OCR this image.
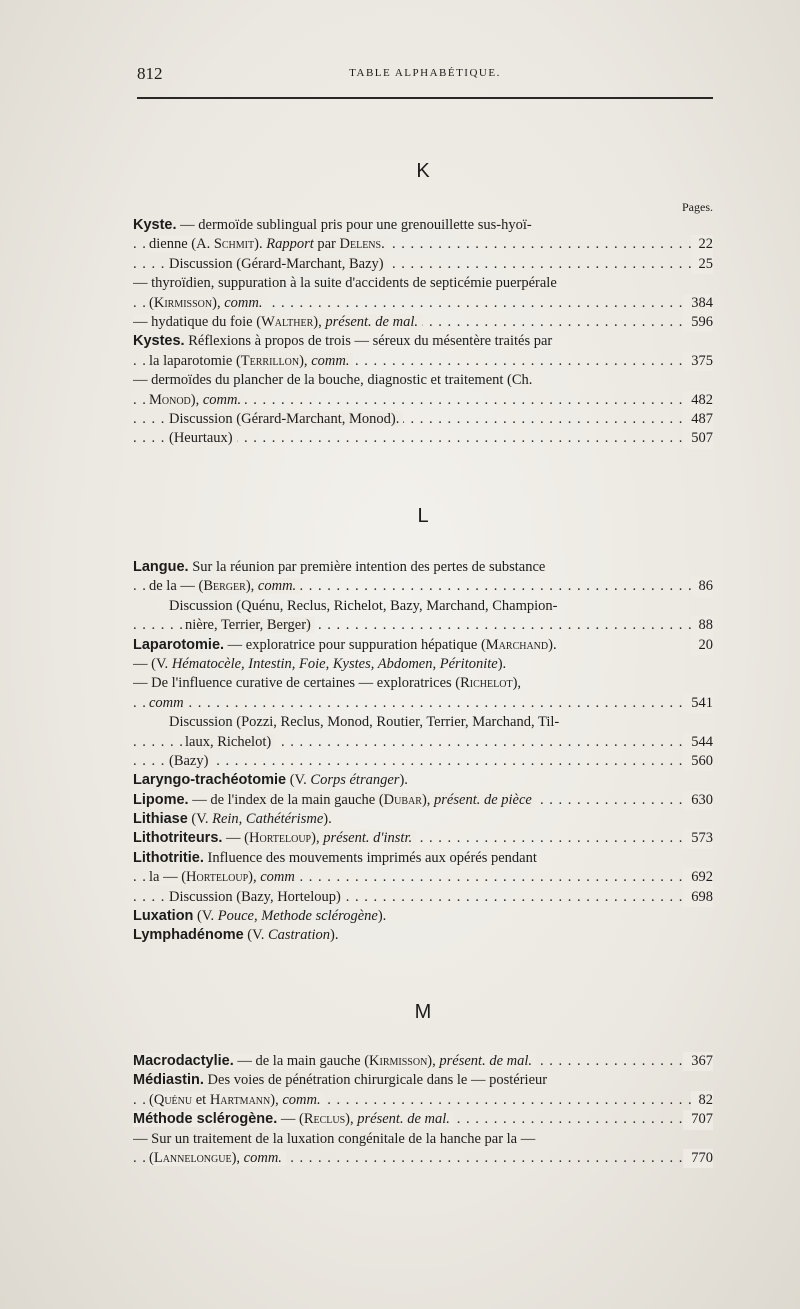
812	TABLE ALPHABÉTIQUE.
K
Pages.
Kyste. — dermoïde sublingual pris pour une grenouillette sus-hyoï-
dienne (A. Schmit). Rapport par Delens.	22
. . .
Discussion (Gérard-Marchant, Bazy)	25
. . .
— thyroïdien, suppuration à la suite d'accidents de septicémie puerpérale
(Kirmisson), comm.	384
. . .
— hydatique du foie (Walther), présent. de mal.	596
. . .
Kystes. Réflexions à propos de trois — séreux du mésentère traités par
la laparotomie (Terrillon), comm.	375
. . .
— dermoïdes du plancher de la bouche, diagnostic et traitement (Ch.
Monod), comm.	482
. . .
Discussion (Gérard-Marchant, Monod).	487
. . .
(Heurtaux)	507
. . .
L
Langue. Sur la réunion par première intention des pertes de substance
de la — (Berger), comm.	86
. . .
Discussion (Quénu, Reclus, Richelot, Bazy, Marchand, Champion-
nière, Terrier, Berger)	88
. . .
Laparotomie. — exploratrice pour suppuration hépatique (Marchand).	20
— (V. Hématocèle, Intestin, Foie, Kystes, Abdomen, Péritonite).
— De l'influence curative de certaines — exploratrices (Richelot),
comm	541
. . .
Discussion (Pozzi, Reclus, Monod, Routier, Terrier, Marchand, Til-
laux, Richelot)	544
. . .
(Bazy)	560
. . .
Laryngo-trachéotomie (V. Corps étranger).
Lipome. — de l'index de la main gauche (Dubar), présent. de pièce	630
. . .
Lithiase (V. Rein, Cathétérisme).
Lithotriteurs. — (Horteloup), présent. d'instr.	573
. . .
Lithotritie. Influence des mouvements imprimés aux opérés pendant
la — (Horteloup), comm	692
. . .
Discussion (Bazy, Horteloup)	698
. . .
Luxation (V. Pouce, Methode sclérogène).
Lymphadénome (V. Castration).
M
Macrodactylie. — de la main gauche (Kirmisson), présent. de mal.	367
. . .
Médiastin. Des voies de pénétration chirurgicale dans le — postérieur
(Quénu et Hartmann), comm.	82
. . .
Méthode sclérogène. — (Reclus), présent. de mal.	707
. . .
— Sur un traitement de la luxation congénitale de la hanche par la —
(Lannelongue), comm.	770
. . .
